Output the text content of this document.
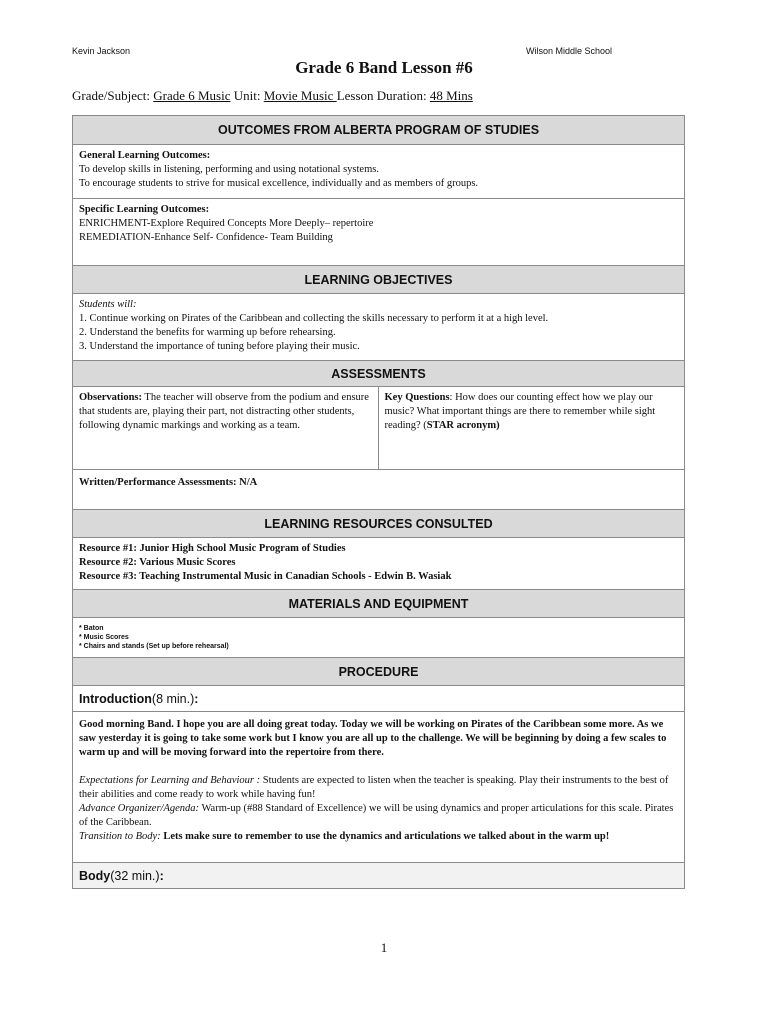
Kevin Jackson	Wilson Middle School
Grade 6 Band Lesson #6
Grade/Subject: Grade 6 Music Unit: Movie Music Lesson Duration: 48 Mins
OUTCOMES FROM ALBERTA PROGRAM OF STUDIES
General Learning Outcomes:
To develop skills in listening, performing and using notational systems.
To encourage students to strive for musical excellence, individually and as members of groups.
Specific Learning Outcomes:
ENRICHMENT-Explore Required Concepts More Deeply– repertoire
REMEDIATION-Enhance Self- Confidence- Team Building
LEARNING OBJECTIVES
Students will:
1. Continue working on Pirates of the Caribbean and collecting the skills necessary to perform it at a high level.
2. Understand the benefits for warming up before rehearsing.
3. Understand the importance of tuning before playing their music.
ASSESSMENTS
Observations: The teacher will observe from the podium and ensure that students are, playing their part, not distracting other students, following dynamic markings and working as a team.
Key Questions: How does our counting effect how we play our music? What important things are there to remember while sight reading? (STAR acronym)
Written/Performance Assessments: N/A
LEARNING RESOURCES CONSULTED
Resource #1: Junior High School Music Program of Studies
Resource #2: Various Music Scores
Resource #3: Teaching Instrumental Music in Canadian Schools - Edwin B. Wasiak
MATERIALS AND EQUIPMENT
* Baton
* Music Scores
* Chairs and stands (Set up before rehearsal)
PROCEDURE
Introduction (8 min.) :
Good morning Band. I hope you are all doing great today. Today we will be working on Pirates of the Caribbean some more. As we saw yesterday it is going to take some work but I know you are all up to the challenge. We will be beginning by doing a few scales to warm up and will be moving forward into the repertoire from there.
Expectations for Learning and Behaviour : Students are expected to listen when the teacher is speaking. Play their instruments to the best of their abilities and come ready to work while having fun!
Advance Organizer/Agenda: Warm-up (#88 Standard of Excellence) we will be using dynamics and proper articulations for this scale. Pirates of the Caribbean.
Transition to Body: Lets make sure to remember to use the dynamics and articulations we talked about in the warm up!
Body (32 min.) :
1
